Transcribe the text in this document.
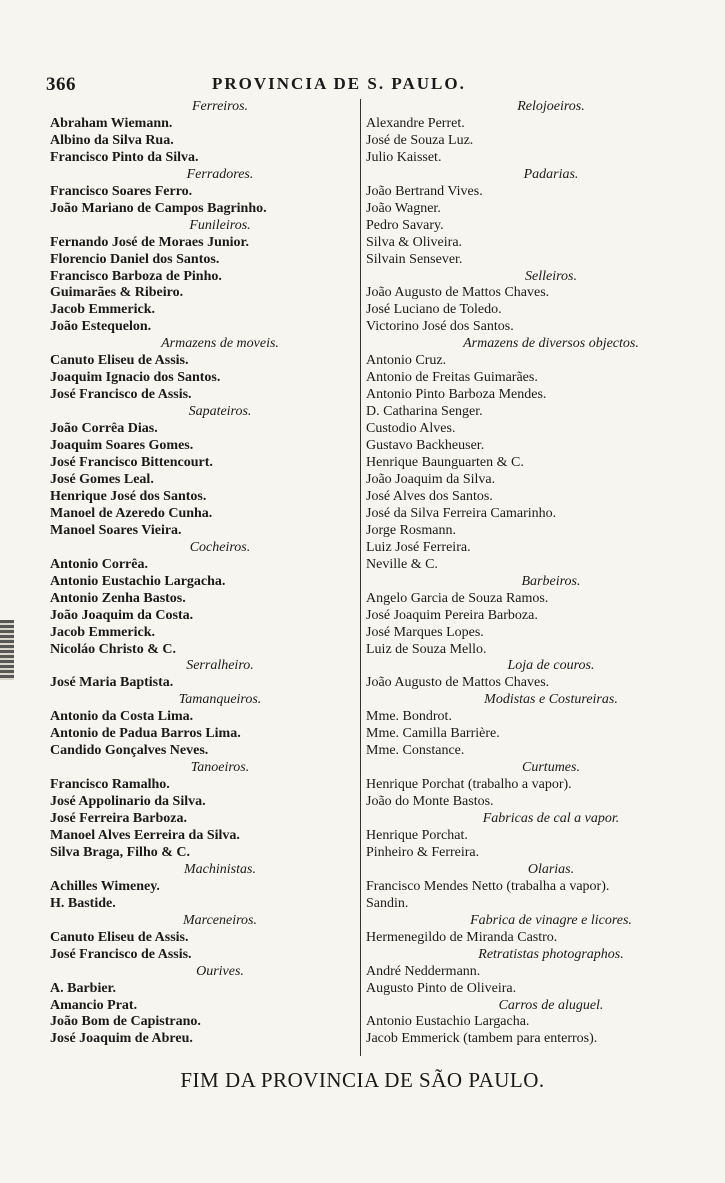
366	PROVINCIA DE S. PAULO.
Ferreiros.
Abraham Wiemann.
Albino da Silva Rua.
Francisco Pinto da Silva.
Ferradores.
Francisco Soares Ferro.
João Mariano de Campos Bagrinho.
Funileiros.
Fernando José de Moraes Junior.
Florencio Daniel dos Santos.
Francisco Barboza de Pinho.
Guimarães & Ribeiro.
Jacob Emmerick.
João Estequelon.
Armazens de moveis.
Canuto Eliseu de Assis.
Joaquim Ignacio dos Santos.
José Francisco de Assis.
Sapateiros.
João Corrêa Dias.
Joaquim Soares Gomes.
José Francisco Bittencourt.
José Gomes Leal.
Henrique José dos Santos.
Manoel de Azeredo Cunha.
Manoel Soares Vieira.
Cocheiros.
Antonio Corrêa.
Antonio Eustachio Largacha.
Antonio Zenha Bastos.
João Joaquim da Costa.
Jacob Emmerick.
Nicoláo Christo & C.
Serralheiro.
José Maria Baptista.
Tamanqueiros.
Antonio da Costa Lima.
Antonio de Padua Barros Lima.
Candido Gonçalves Neves.
Tanoeiros.
Francisco Ramalho.
José Appolinario da Silva.
José Ferreira Barboza.
Manoel Alves Eerreira da Silva.
Silva Braga, Filho & C.
Machinistas.
Achilles Wimeney.
H. Bastide.
Marceneiros.
Canuto Eliseu de Assis.
José Francisco de Assis.
Ourives.
A. Barbier.
Amancio Prat.
João Bom de Capistrano.
José Joaquim de Abreu.
Relojoeiros.
Alexandre Perret.
José de Souza Luz.
Julio Kaisset.
Padarias.
João Bertrand Vives.
João Wagner.
Pedro Savary.
Silva & Oliveira.
Silvain Sensever.
Selleiros.
João Augusto de Mattos Chaves.
José Luciano de Toledo.
Victorino José dos Santos.
Armazens de diversos objectos.
Antonio Cruz.
Antonio de Freitas Guimarães.
Antonio Pinto Barboza Mendes.
D. Catharina Senger.
Custodio Alves.
Gustavo Backheuser.
Henrique Baunguarten & C.
João Joaquim da Silva.
José Alves dos Santos.
José da Silva Ferreira Camarinho.
Jorge Rosmann.
Luiz José Ferreira.
Neville & C.
Barbeiros.
Angelo Garcia de Souza Ramos.
José Joaquim Pereira Barboza.
José Marques Lopes.
Luiz de Souza Mello.
Loja de couros.
João Augusto de Mattos Chaves.
Modistas e Costureiras.
Mme. Bondrot.
Mme. Camilla Barrière.
Mme. Constance.
Curtumes.
Henrique Porchat (trabalho a vapor).
João do Monte Bastos.
Fabricas de cal a vapor.
Henrique Porchat.
Pinheiro & Ferreira.
Olarias.
Francisco Mendes Netto (trabalha a vapor).
Sandin.
Fabrica de vinagre e licores.
Hermenegildo de Miranda Castro.
Retratistas photographos.
André Neddermann.
Augusto Pinto de Oliveira.
Carros de aluguel.
Antonio Eustachio Largacha.
Jacob Emmerick (tambem para enterros).
FIM DA PROVINCIA DE SÃO PAULO.
